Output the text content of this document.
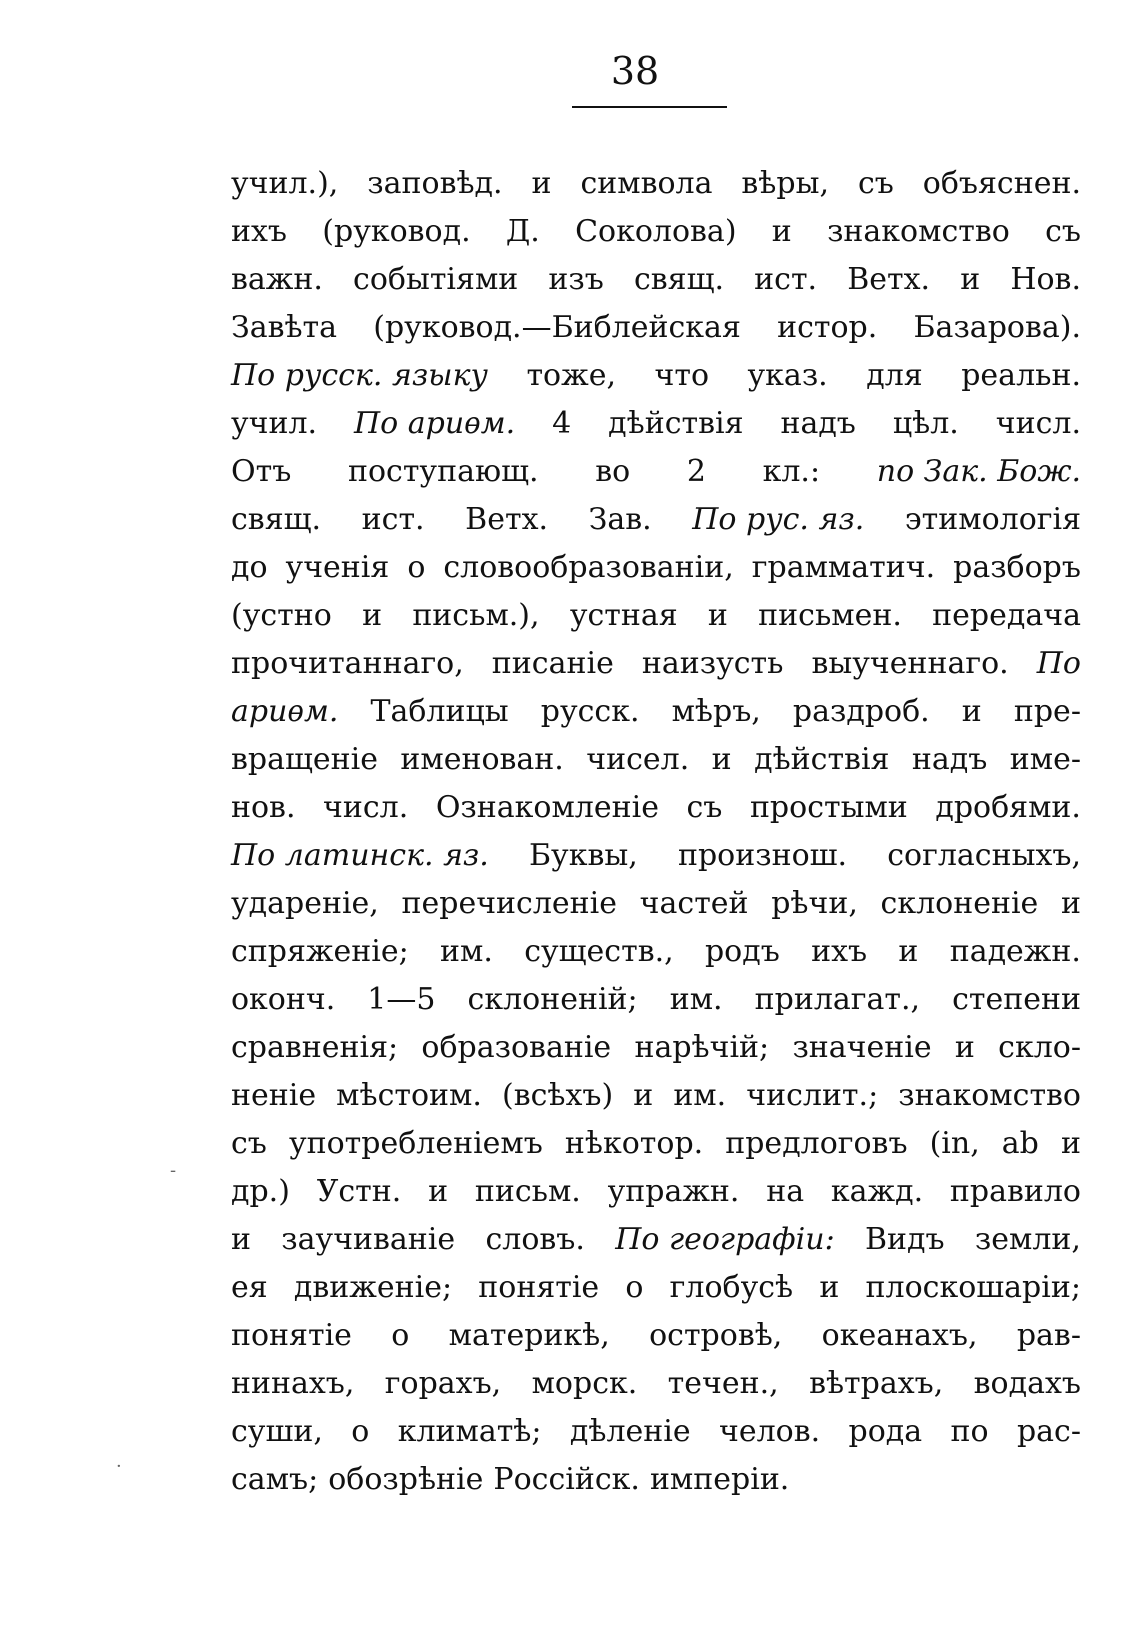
38
учил.), заповѣд. и символа вѣры, съ объяснен.
ихъ (руковод. Д. Соколова) и знакомство съ
важн. событіями изъ свящ. ист. Ветх. и Нов.
Завѣта (руковод.—Библейская истор. Базарова).
По русск. языку тоже, что указ. для реальн.
учил. По ариѳм. 4 дѣйствія надъ цѣл. числ.
Отъ поступающ. во 2 кл.: по Зак. Бож.
свящ. ист. Ветх. Зав. По рус. яз. этимологія
до ученія о словообразованіи, грамматич. разборъ
(устно и письм.), устная и письмен. передача
прочитаннаго, писаніе наизусть выученнаго. По
ариѳм. Таблицы русск. мѣръ, раздроб. и пре-
вращеніе именован. чисел. и дѣйствія надъ име-
нов. числ. Ознакомленіе съ простыми дробями.
По латинск. яз. Буквы, произнош. согласныхъ,
удареніе, перечисленіе частей рѣчи, склоненіе и
спряженіе; им. существ., родъ ихъ и падежн.
оконч. 1—5 склоненій; им. прилагат., степени
сравненія; образованіе нарѣчій; значеніе и скло-
неніе мѣстоим. (всѣхъ) и им. числит.; знакомство
съ употребленіемъ нѣкотор. предлоговъ (in, ab и
др.) Устн. и письм. упражн. на кажд. правило
и заучиваніе словъ. По географіи: Видъ земли,
ея движеніе; понятіе о глобусѣ и плоскошаріи;
понятіе о материкѣ, островѣ, океанахъ, рав-
нинахъ, горахъ, морск. течен., вѣтрахъ, водахъ
суши, о климатѣ; дѣленіе челов. рода по рас-
самъ; обозрѣніе Россійск. имперіи.
-
·
